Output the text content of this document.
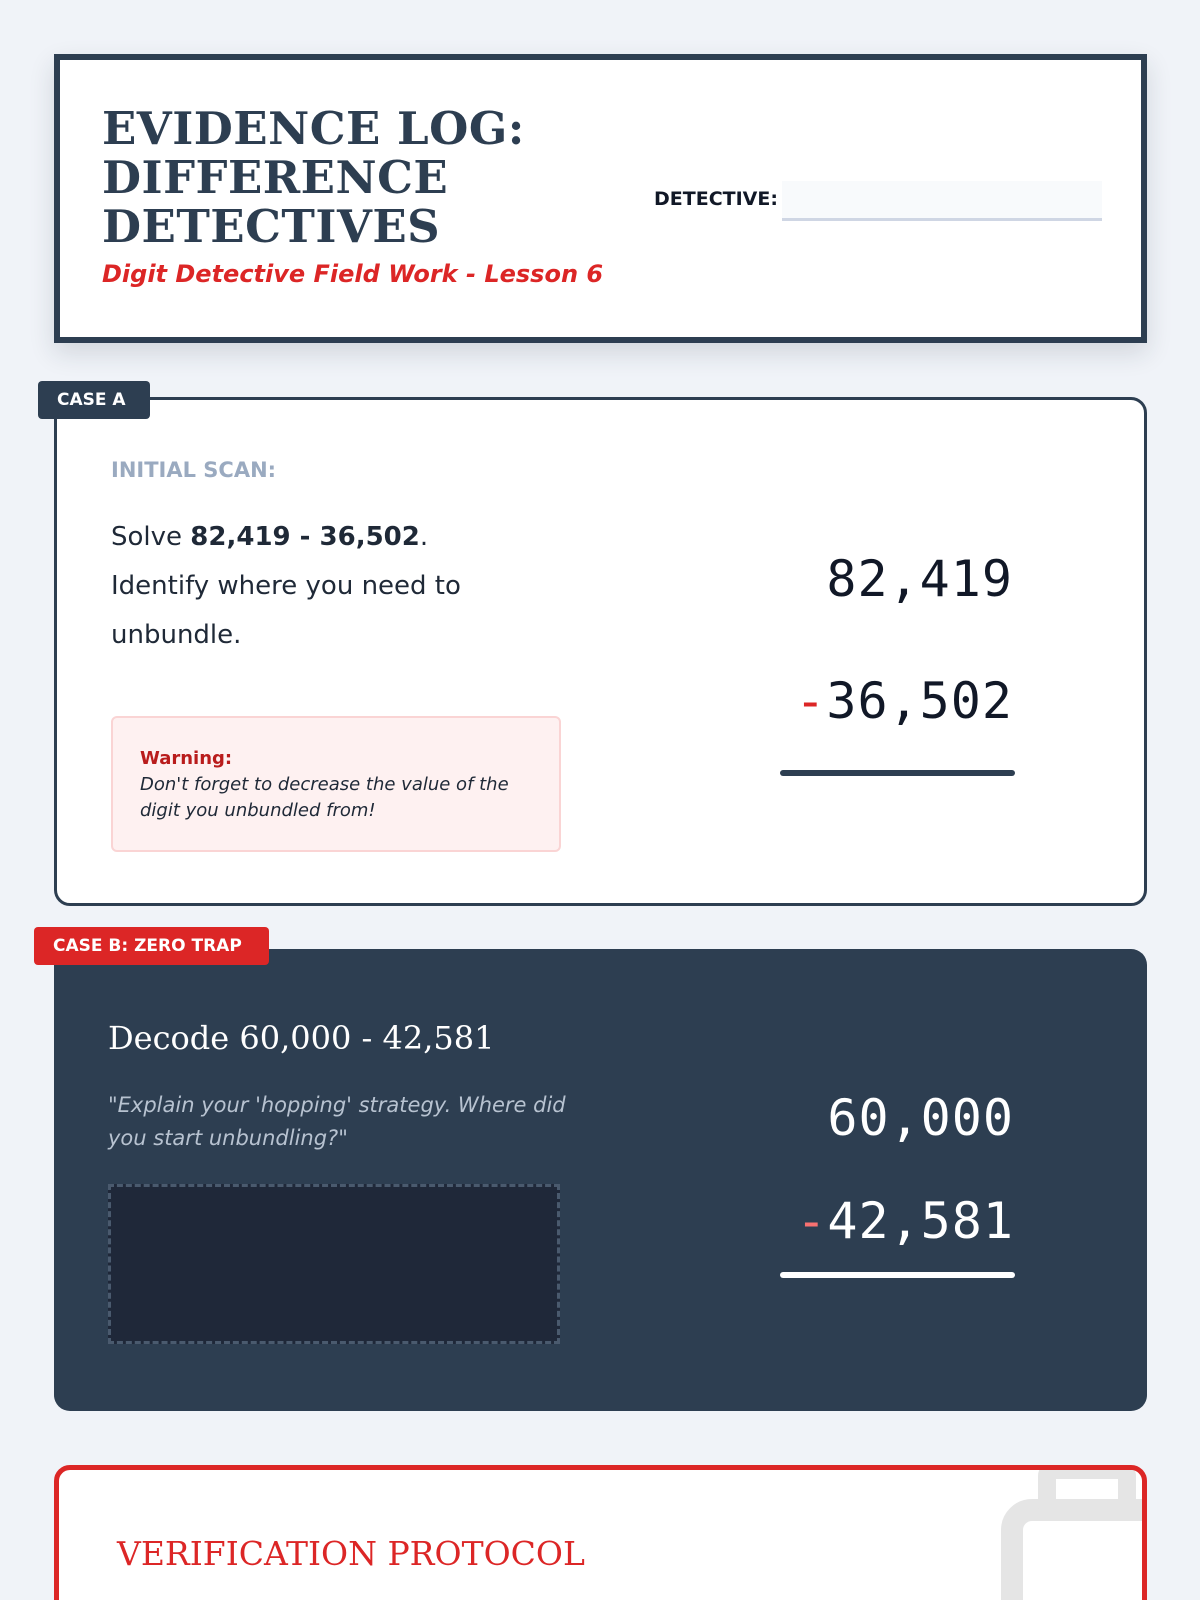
EVIDENCE LOG: DIFFERENCE DETECTIVES
Digit Detective Field Work - Lesson 6
DETECTIVE:
INITIAL SCAN:
Solve 82,419 - 36,502.
Identify where you need to unbundle.
Warning:
Don't forget to decrease the value of the digit you unbundled from!
82,419
-36,502
CASE A
Decode 60,000 - 42,581
"Explain your 'hopping' strategy. Where did you start unbundling?"	60,000
-42,581
CASE B: ZERO TRAP
VERIFICATION PROTOCOL
